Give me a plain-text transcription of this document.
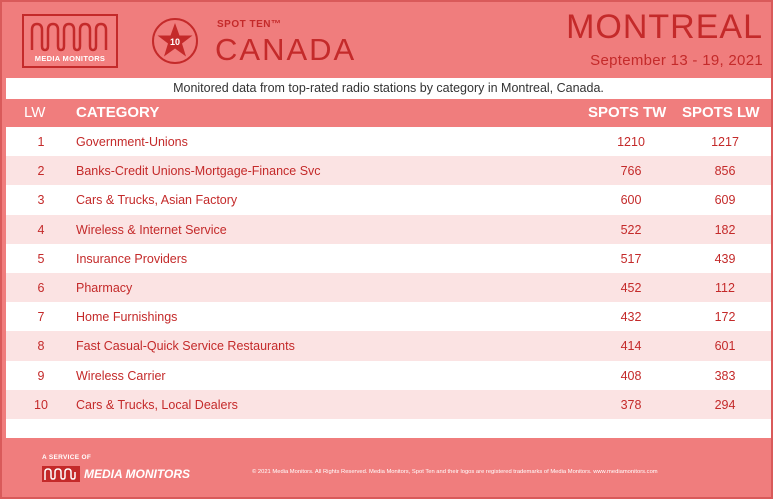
MEDIA MONITORS
10
SPOT TEN™
CANADA
MONTREAL
September 13 - 19, 2021
Monitored data from top-rated radio stations by category in Montreal, Canada.
LW CATEGORY	SPOTS TW SPOTS LW
1	Government-Unions	1210	1217
2	Banks-Credit Unions-Mortgage-Finance Svc	766	856
3	Cars & Trucks, Asian Factory	600	609
4	Wireless & Internet Service	522	182
5	Insurance Providers	517	439
6	Pharmacy	452	112
7	Home Furnishings	432	172
8	Fast Casual-Quick Service Restaurants	414	601
9	Wireless Carrier	408	383
10	Cars & Trucks, Local Dealers	378	294
A SERVICE OF
MEDIA MONITORS	© 2021 Media Monitors. All Rights Reserved. Media Monitors, Spot Ten and their logos are registered trademarks of Media Monitors. www.mediamonitors.com
